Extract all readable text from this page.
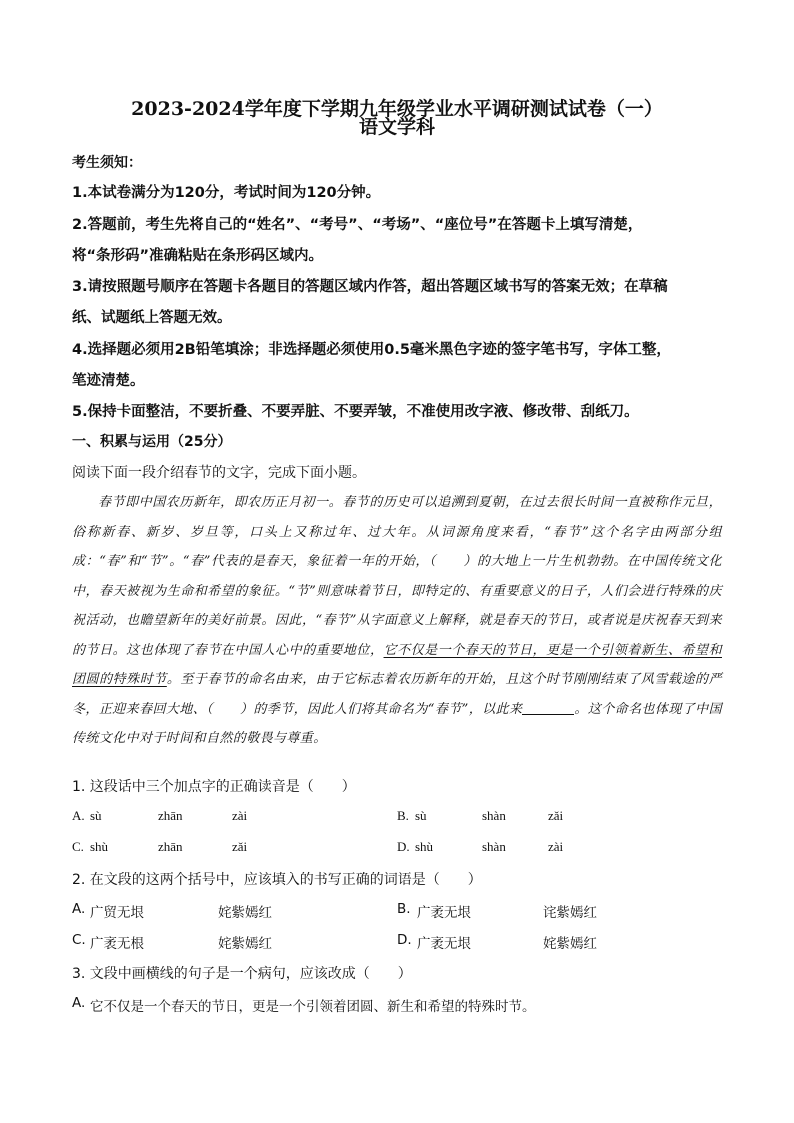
2023-2024学年度下学期九年级学业水平调研测试试卷（一）
语文学科
考生须知：
1.本试卷满分为120分，考试时间为120分钟。
2.答题前，考生先将自己的“姓名”、“考号”、“考场”、“座位号”在答题卡上填写清楚，
将“条形码”准确粘贴在条形码区域内。
3.请按照题号顺序在答题卡各题目的答题区域内作答，超出答题区域书写的答案无效；在草稿
纸、试题纸上答题无效。
4.选择题必须用2B铅笔填涂；非选择题必须使用0.5毫米黑色字迹的签字笔书写，字体工整，
笔迹清楚。
5.保持卡面整洁，不要折叠、不要弄脏、不要弄皱，不准使用改字液、修改带、刮纸刀。
一、积累与运用（25分）
阅读下面一段介绍春节的文字，完成下面小题。
春节即中国农历新年，即农历正月初一。春节的历史可以追溯到夏朝，在过去很长时间一直被称作元旦，俗称新春、新岁、岁旦等，口头上又称过年、过大年。从词源角度来看，“春节”这个名字由两部分组成：“春”和“节”。“春”代表的是春天，象征着一年的开始，（　　）的大地上一片生机勃勃。在中国传统文化中，春天被视为生命和希望的象征。“节”则意味着节日，即特定的、有重要意义的日子，人们会进行特殊的庆祝活动，也瞻望新年的美好前景。因此，“春节”从字面意义上解释，就是春天的节日，或者说是庆祝春天到来的节日。这也体现了春节在中国人心中的重要地位，它不仅是一个春天的节日，更是一个引领着新生、希望和团圆的特殊时节。至于春节的命名由来，由于它标志着农历新年的开始，且这个时节刚刚结束了风雪载途的严冬，正迎来春回大地、（　　）的季节，因此人们将其命名为“春节”，以此来	。这个命名也体现了中国传统文化中对于时间和自然的敬畏与尊重。
1. 这段话中三个加点字的正确读音是（　　）
A. sù	zhān	zài	B. sù	shàn	zǎi
C. shù	zhān	zǎi	D. shù	shàn	zài
2. 在文段的这两个括号中，应该填入的书写正确的词语是（　　）
A. 广贸无垠	姹紫嫣红	B. 广袤无垠	诧紫嫣红
C. 广袤无根	姹紫嫣红	D. 广袤无垠	姹紫嫣红
3. 文段中画横线的句子是一个病句，应该改成（　　）
A. 它不仅是一个春天的节日，更是一个引领着团圆、新生和希望的特殊时节。
